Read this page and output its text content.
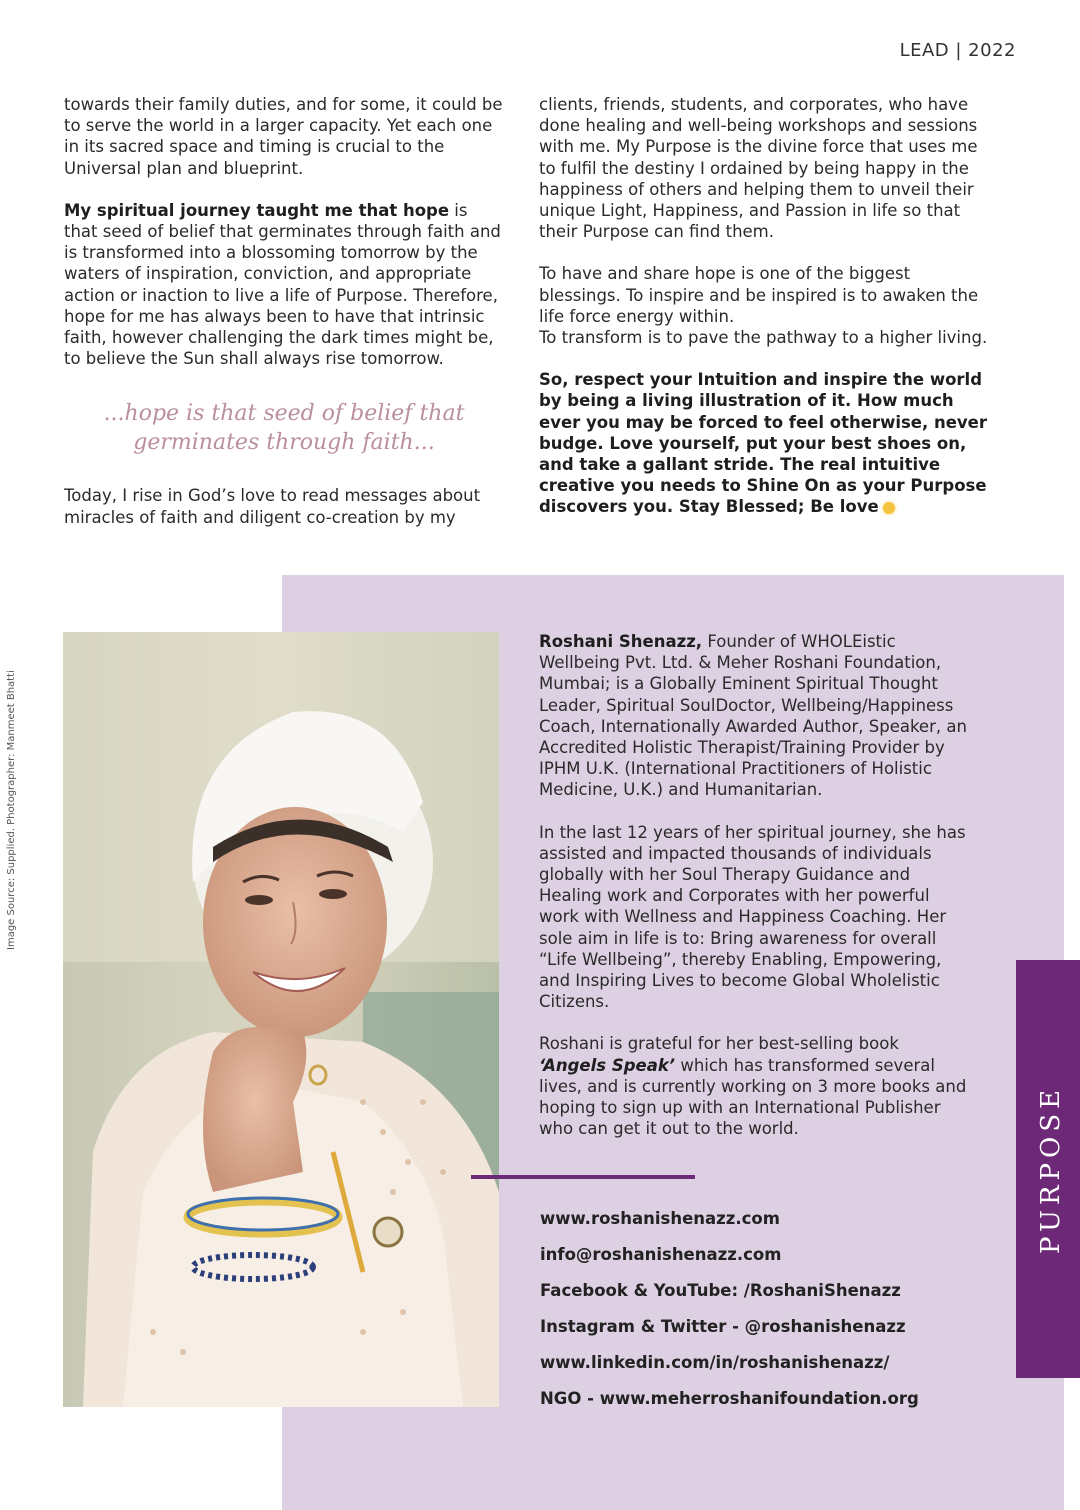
LEAD | 2022

towards their family duties, and for some, it could be to serve the world in a larger capacity. Yet each one in its sacred space and timing is crucial to the Universal plan and blueprint.

My spiritual journey taught me that hope is that seed of belief that germinates through faith and is transformed into a blossoming tomorrow by the waters of inspiration, conviction, and appropriate action or inaction to live a life of Purpose. Therefore, hope for me has always been to have that intrinsic faith, however challenging the dark times might be, to believe the Sun shall always rise tomorrow.

...hope is that seed of belief that germinates through faith...

Today, I rise in God’s love to read messages about miracles of faith and diligent co-creation by my

clients, friends, students, and corporates, who have done healing and well-being workshops and sessions with me. My Purpose is the divine force that uses me to fulfil the destiny I ordained by being happy in the happiness of others and helping them to unveil their unique Light, Happiness, and Passion in life so that their Purpose can find them.

To have and share hope is one of the biggest blessings. To inspire and be inspired is to awaken the life force energy within.
To transform is to pave the pathway to a higher living.

So, respect your Intuition and inspire the world by being a living illustration of it. How much ever you may be forced to feel otherwise, never budge. Love yourself, put your best shoes on, and take a gallant stride. The real intuitive creative you needs to Shine On as your Purpose discovers you. Stay Blessed; Be love

Image Source: Supplied. Photographer: Manmeet Bhatti

Roshani Shenazz, Founder of WHOLEistic Wellbeing Pvt. Ltd. & Meher Roshani Foundation, Mumbai; is a Globally Eminent Spiritual Thought Leader, Spiritual SoulDoctor, Wellbeing/Happiness Coach, Internationally Awarded Author, Speaker, an Accredited Holistic Therapist/Training Provider by IPHM U.K. (International Practitioners of Holistic Medicine, U.K.) and Humanitarian.

In the last 12 years of her spiritual journey, she has assisted and impacted thousands of individuals globally with her Soul Therapy Guidance and Healing work and Corporates with her powerful work with Wellness and Happiness Coaching. Her sole aim in life is to: Bring awareness for overall “Life Wellbeing”, thereby Enabling, Empowering, and Inspiring Lives to become Global Wholelistic Citizens.

Roshani is grateful for her best-selling book ‘Angels Speak’ which has transformed several lives, and is currently working on 3 more books and hoping to sign up with an International Publisher who can get it out to the world.

www.roshanishenazz.com
info@roshanishenazz.com
Facebook & YouTube: /RoshaniShenazz
Instagram & Twitter - @roshanishenazz
www.linkedin.com/in/roshanishenazz/
NGO - www.meherroshanifoundation.org
PURPOSE
